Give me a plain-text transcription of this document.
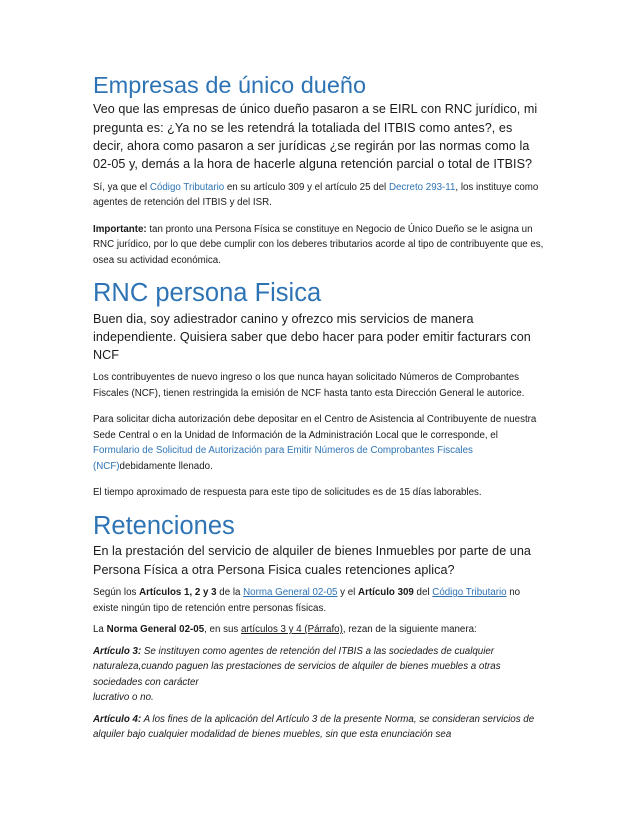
Empresas de único dueño

Veo que las empresas de único dueño pasaron a se EIRL con RNC jurídico, mi pregunta es: ¿Ya no se les retendrá la totaliada del ITBIS como antes?, es decir, ahora como pasaron a ser jurídicas ¿se regirán por las normas como la 02-05 y, demás a la hora de hacerle alguna retención parcial o total de ITBIS?

Sí, ya que el Código Tributario en su artículo 309 y el artículo 25 del Decreto 293-11, los instituye como agentes de retención del ITBIS y del ISR.

Importante: tan pronto una Persona Física se constituye en Negocio de Único Dueño se le asigna un RNC jurídico, por lo que debe cumplir con los deberes tributarios acorde al tipo de contribuyente que es, osea su actividad económica.

RNC persona Fisica

Buen dia, soy adiestrador canino y ofrezco mis servicios de manera independiente. Quisiera saber que debo hacer para poder emitir facturars con NCF

Los contribuyentes de nuevo ingreso o los que nunca hayan solicitado Números de Comprobantes Fiscales (NCF), tienen restringida la emisión de NCF hasta tanto esta Dirección General le autorice.

Para solicitar dicha autorización debe depositar en el Centro de Asistencia al Contribuyente de nuestra Sede Central o en la Unidad de Información de la Administración Local que le corresponde, el Formulario de Solicitud de Autorización para Emitir Números de Comprobantes Fiscales (NCF)debidamente llenado.

El tiempo aproximado de respuesta para este tipo de solicitudes es de 15 días laborables.

Retenciones

En la prestación del servicio de alquiler de bienes Inmuebles por parte de una Persona Física a otra Persona Fisica cuales retenciones aplica?

Según los Artículos 1, 2 y 3 de la Norma General 02-05 y el Artículo 309 del Código Tributario no existe ningún tipo de retención entre personas físicas.

La Norma General 02-05, en sus artículos 3 y 4 (Párrafo), rezan de la siguiente manera:

Artículo 3: Se instituyen como agentes de retención del ITBIS a las sociedades de cualquier naturaleza,cuando paguen las prestaciones de servicios de alquiler de bienes muebles a otras sociedades con carácter
lucrativo o no.

Artículo 4: A los fines de la aplicación del Artículo 3 de la presente Norma, se consideran servicios de alquiler bajo cualquier modalidad de bienes muebles, sin que esta enunciación sea
